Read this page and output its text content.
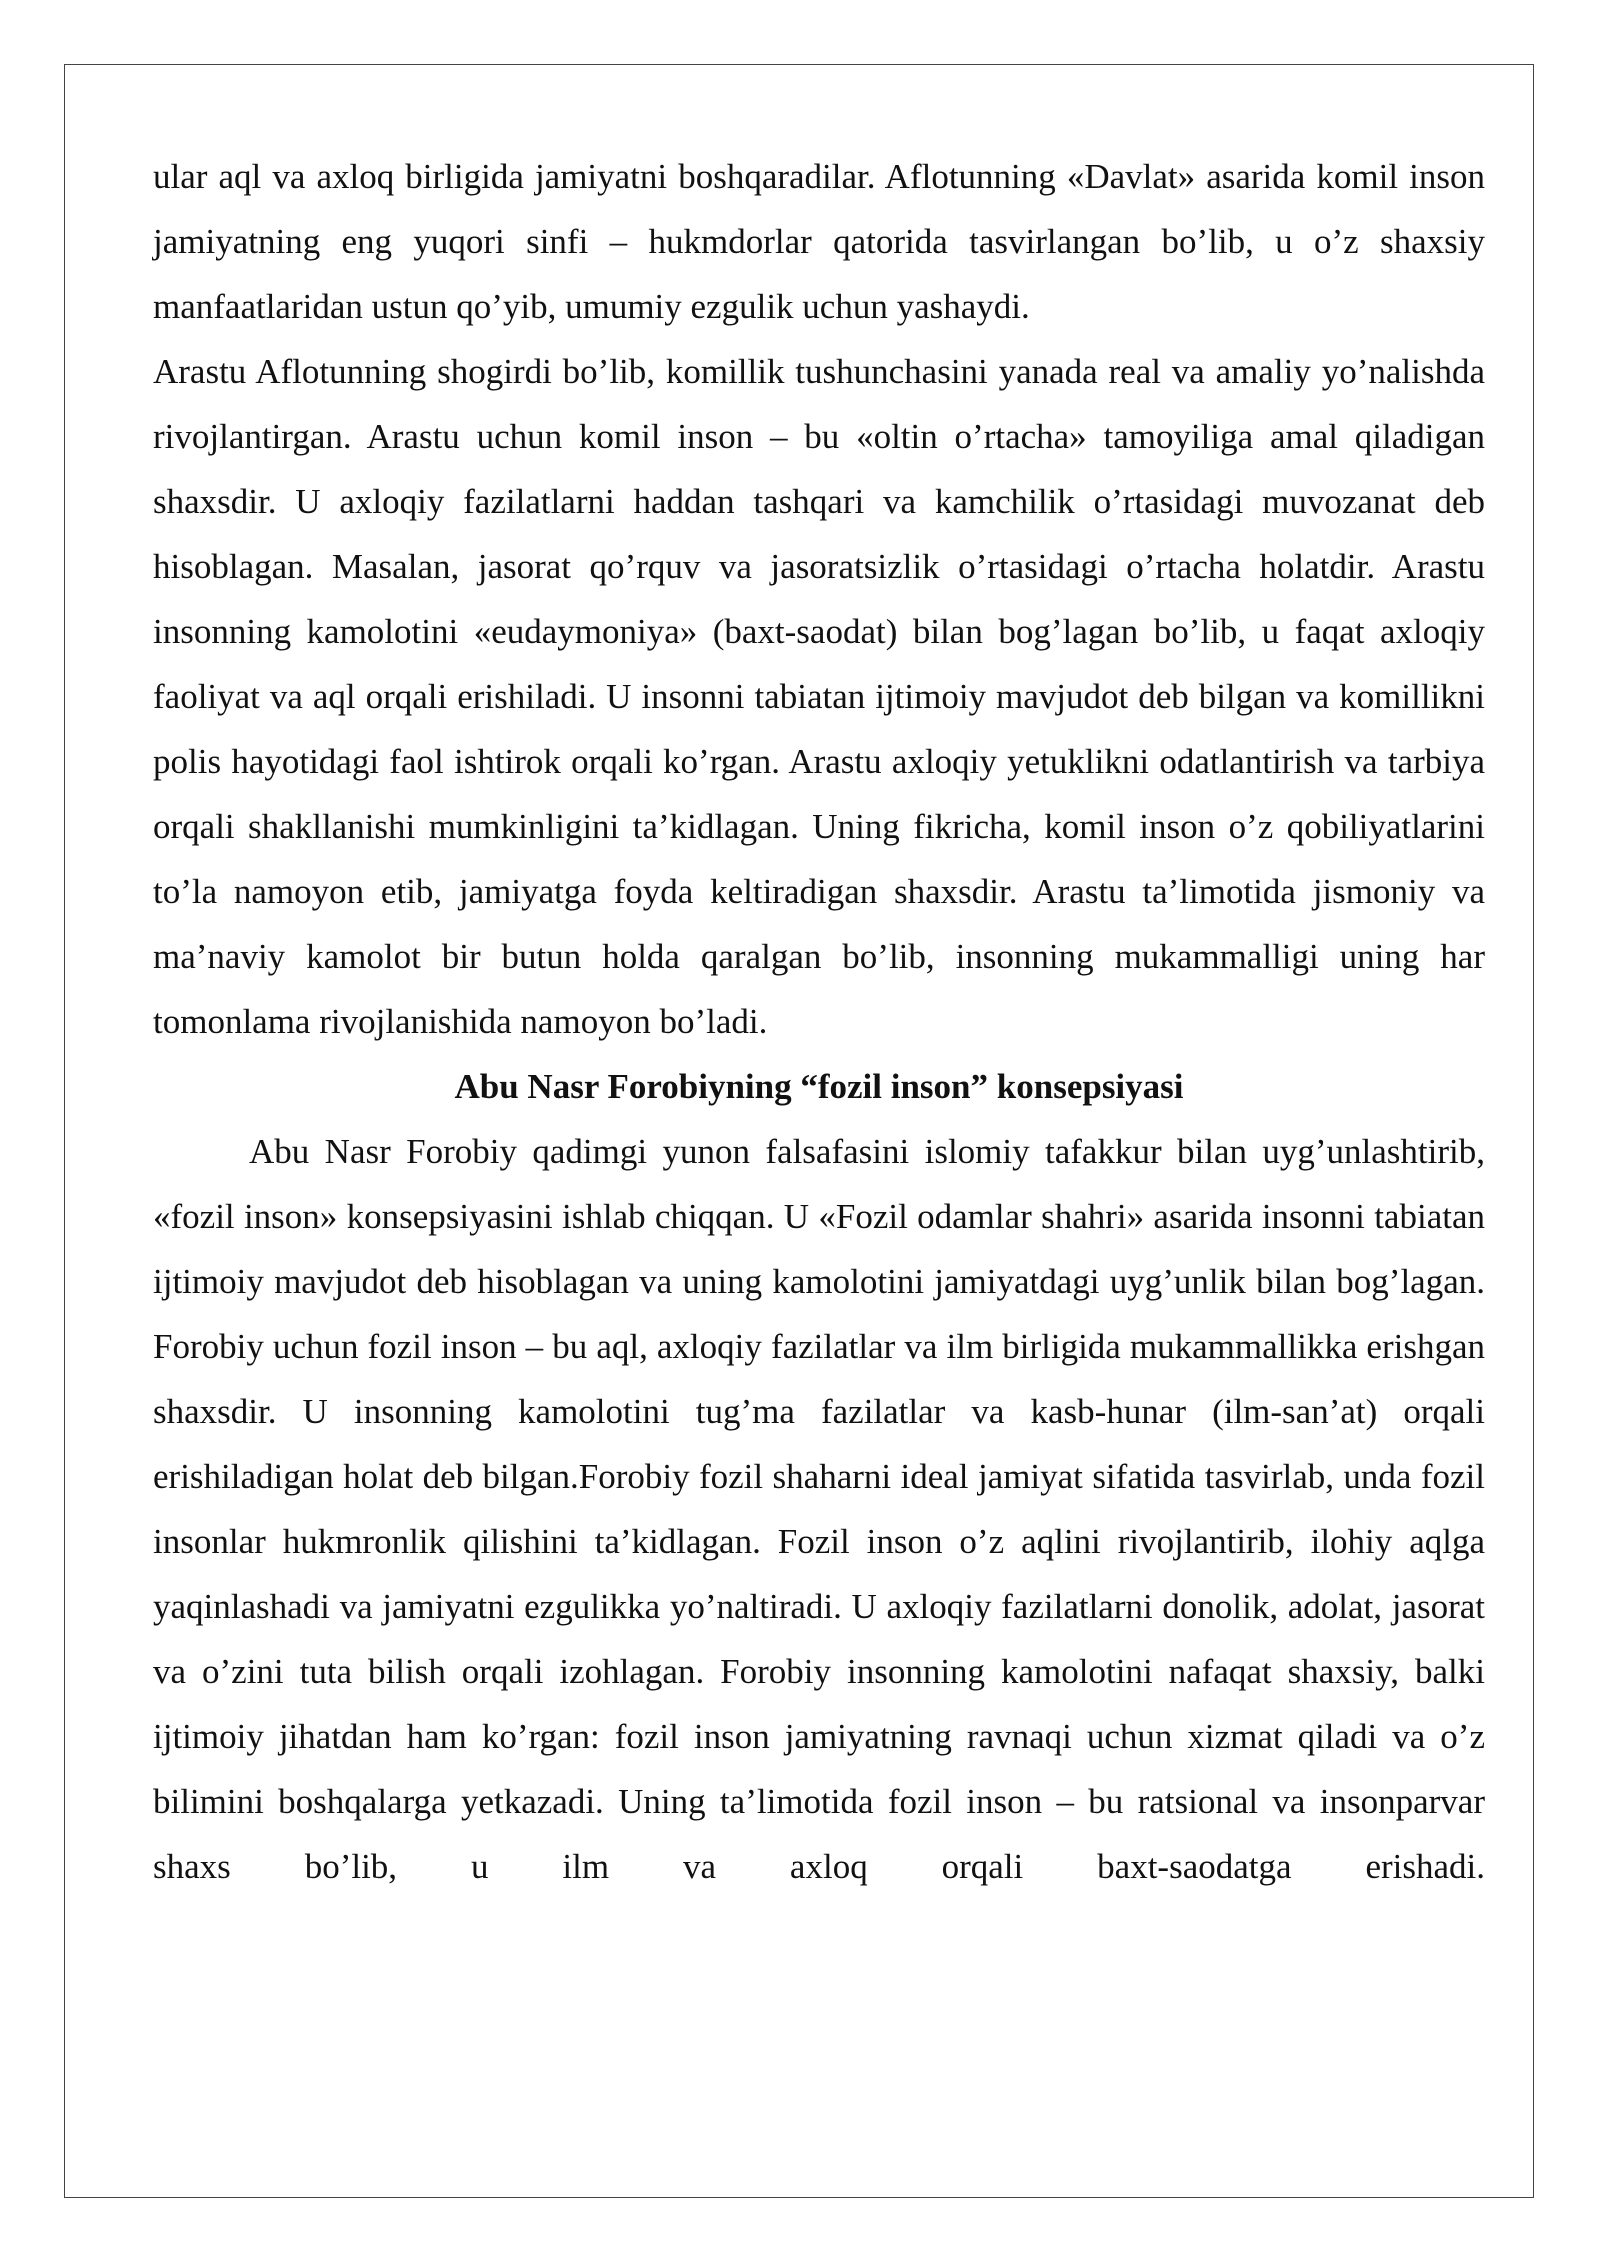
ular aql va axloq birligida jamiyatni boshqaradilar. Aflotunning «Davlat» asarida komil inson jamiyatning eng yuqori sinfi – hukmdorlar qatorida tasvirlangan bo’lib, u o’z shaxsiy manfaatlaridan ustun qo’yib, umumiy ezgulik uchun yashaydi.

Arastu Aflotunning shogirdi bo’lib, komillik tushunchasini yanada real va amaliy yo’nalishda rivojlantirgan. Arastu uchun komil inson – bu «oltin o’rtacha» tamoyiliga amal qiladigan shaxsdir. U axloqiy fazilatlarni haddan tashqari va kamchilik o’rtasidagi muvozanat deb hisoblagan. Masalan, jasorat qo’rquv va jasoratsizlik o’rtasidagi o’rtacha holatdir. Arastu insonning kamolotini «eudaymoniya» (baxt-saodat) bilan bog’lagan bo’lib, u faqat axloqiy faoliyat va aql orqali erishiladi. U insonni tabiatan ijtimoiy mavjudot deb bilgan va komillikni polis hayotidagi faol ishtirok orqali ko’rgan. Arastu axloqiy yetuklikni odatlantirish va tarbiya orqali shakllanishi mumkinligini ta’kidlagan. Uning fikricha, komil inson o’z qobiliyatlarini to’la namoyon etib, jamiyatga foyda keltiradigan shaxsdir. Arastu ta’limotida jismoniy va ma’naviy kamolot bir butun holda qaralgan bo’lib, insonning mukammalligi uning har tomonlama rivojlanishida namoyon bo’ladi.

Abu Nasr Forobiyning “fozil inson” konsepsiyasi

Abu Nasr Forobiy qadimgi yunon falsafasini islomiy tafakkur bilan uyg’unlashtirib, «fozil inson» konsepsiyasini ishlab chiqqan. U «Fozil odamlar shahri» asarida insonni tabiatan ijtimoiy mavjudot deb hisoblagan va uning kamolotini jamiyatdagi uyg’unlik bilan bog’lagan. Forobiy uchun fozil inson – bu aql, axloqiy fazilatlar va ilm birligida mukammallikka erishgan shaxsdir. U insonning kamolotini tug’ma fazilatlar va kasb-hunar (ilm-san’at) orqali erishiladigan holat deb bilgan.Forobiy fozil shaharni ideal jamiyat sifatida tasvirlab, unda fozil insonlar hukmronlik qilishini ta’kidlagan. Fozil inson o’z aqlini rivojlantirib, ilohiy aqlga yaqinlashadi va jamiyatni ezgulikka yo’naltiradi. U axloqiy fazilatlarni donolik, adolat, jasorat va o’zini tuta bilish orqali izohlagan. Forobiy insonning kamolotini nafaqat shaxsiy, balki ijtimoiy jihatdan ham ko’rgan: fozil inson jamiyatning ravnaqi uchun xizmat qiladi va o’z bilimini boshqalarga yetkazadi. Uning ta’limotida fozil inson – bu ratsional va insonparvar shaxs bo’lib, u ilm va axloq orqali baxt-saodatga erishadi.
